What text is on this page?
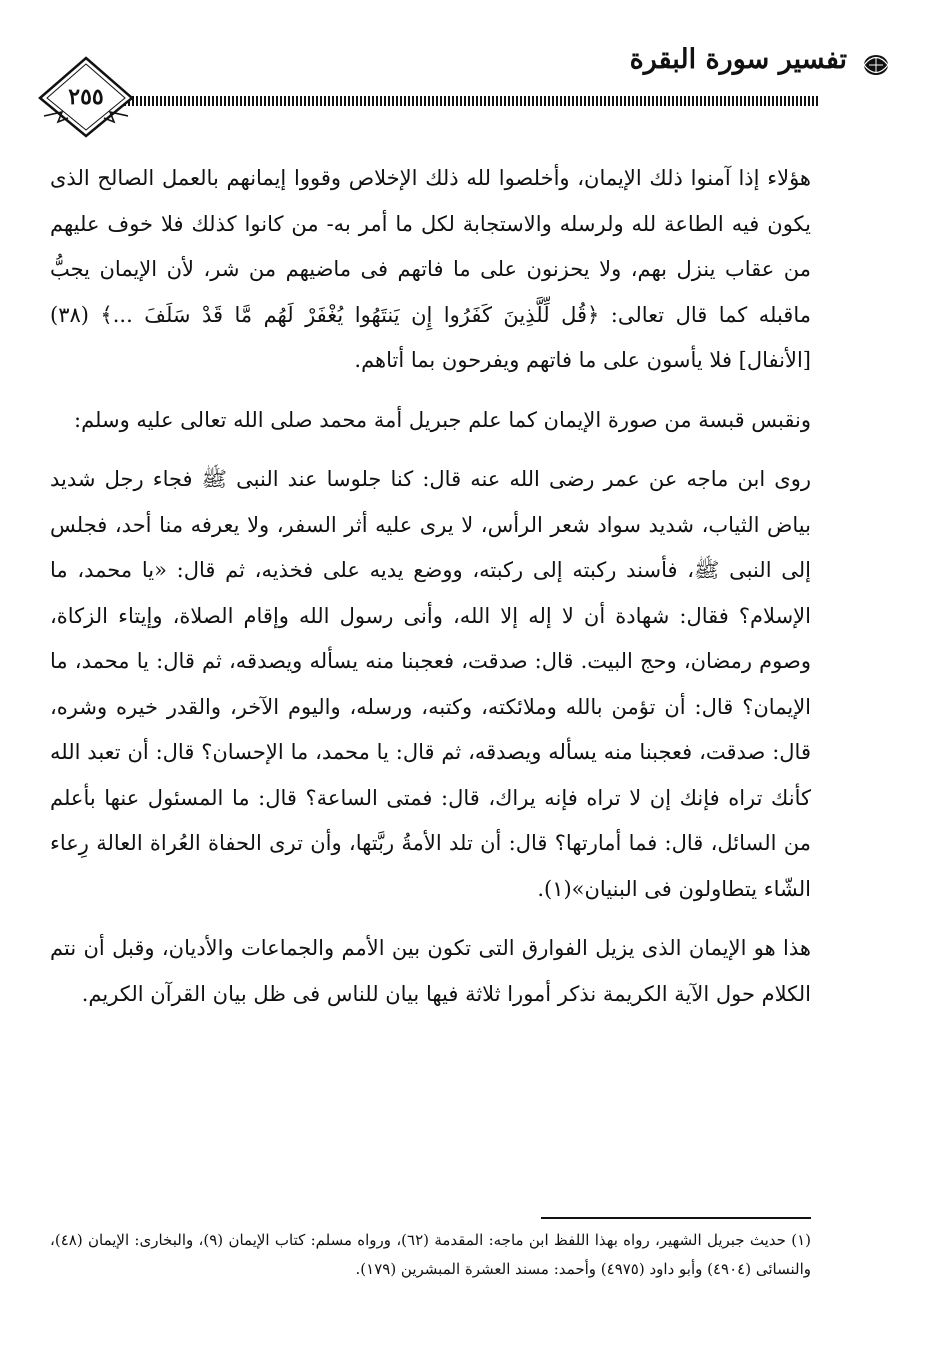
تفسير سورة البقرة
٢٥٥

هؤلاء إذا آمنوا ذلك الإيمان، وأخلصوا لله ذلك الإخلاص وقووا إيمانهم بالعمل الصالح الذى يكون فيه الطاعة لله ولرسله والاستجابة لكل ما أمر به- من كانوا كذلك فلا خوف عليهم من عقاب ينزل بهم، ولا يحزنون على ما فاتهم فى ماضيهم من شر، لأن الإيمان يجبُّ ماقبله كما قال تعالى: ﴿قُل لِّلَّذِينَ كَفَرُوا إِن يَنتَهُوا يُغْفَرْ لَهُم مَّا قَدْ سَلَفَ ...﴾ (٣٨) [الأنفال] فلا يأسون على ما فاتهم ويفرحون بما أتاهم.

ونقبس قبسة من صورة الإيمان كما علم جبريل أمة محمد صلى الله تعالى عليه وسلم:

روى ابن ماجه عن عمر رضى الله عنه قال: كنا جلوسا عند النبى ﷺ فجاء رجل شديد بياض الثياب، شديد سواد شعر الرأس، لا يرى عليه أثر السفر، ولا يعرفه منا أحد، فجلس إلى النبى ﷺ، فأسند ركبته إلى ركبته، ووضع يديه على فخذيه، ثم قال: «يا محمد، ما الإسلام؟ فقال: شهادة أن لا إله إلا الله، وأنى رسول الله وإقام الصلاة، وإيتاء الزكاة، وصوم رمضان، وحج البيت. قال: صدقت، فعجبنا منه يسأله ويصدقه، ثم قال: يا محمد، ما الإيمان؟ قال: أن تؤمن بالله وملائكته، وكتبه، ورسله، واليوم الآخر، والقدر خيره وشره، قال: صدقت، فعجبنا منه يسأله ويصدقه، ثم قال: يا محمد، ما الإحسان؟ قال: أن تعبد الله كأنك تراه فإنك إن لا تراه فإنه يراك، قال: فمتى الساعة؟ قال: ما المسئول عنها بأعلم من السائل، قال: فما أمارتها؟ قال: أن تلد الأمةُ ربَّتها، وأن ترى الحفاة العُراة العالة رِعاء الشّاء يتطاولون فى البنيان»(١).

هذا هو الإيمان الذى يزيل الفوارق التى تكون بين الأمم والجماعات والأديان، وقبل أن نتم الكلام حول الآية الكريمة نذكر أمورا ثلاثة فيها بيان للناس فى ظل بيان القرآن الكريم.

(١) حديث جبريل الشهير، رواه بهذا اللفظ ابن ماجه: المقدمة (٦٢)، ورواه مسلم: كتاب الإيمان (٩)، والبخارى: الإيمان (٤٨)، والنسائى (٤٩٠٤) وأبو داود (٤٩٧٥) وأحمد: مسند العشرة المبشرين (١٧٩).
